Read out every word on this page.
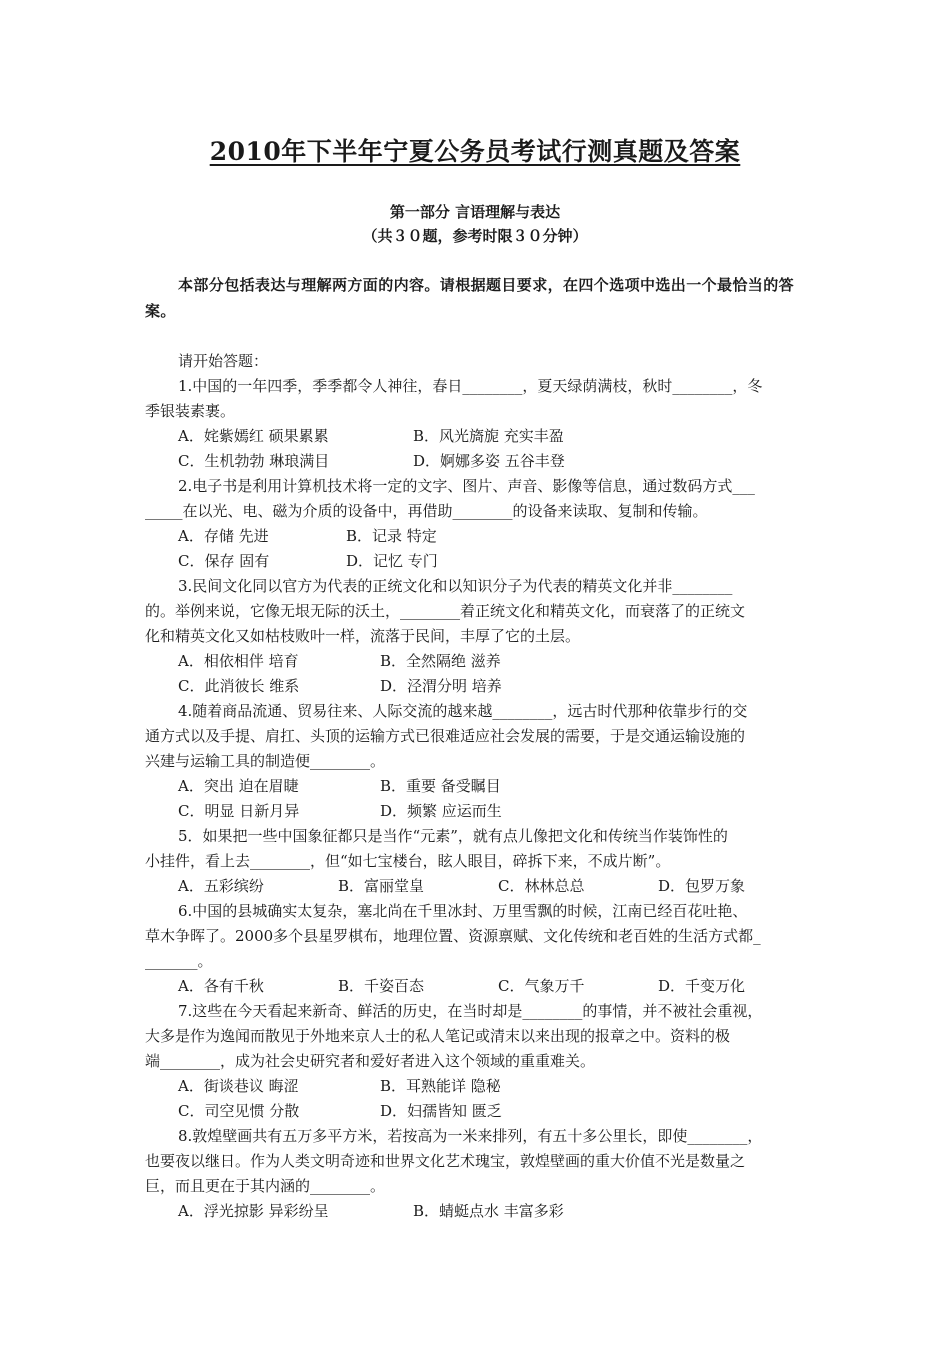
2010年下半年宁夏公务员考试行测真题及答案
第一部分 言语理解与表达
（共３０题，参考时限３０分钟）
本部分包括表达与理解两方面的内容。请根据题目要求，在四个选项中选出一个最恰当的答案。
请开始答题：
1.中国的一年四季，季季都令人神往，春日________，夏天绿荫满枝，秋时________，冬
季银装素裹。
A．姹紫嫣红 硕果累累	B．风光旖旎 充实丰盈
C．生机勃勃 琳琅满目	D．婀娜多姿 五谷丰登
2.电子书是利用计算机技术将一定的文字、图片、声音、影像等信息，通过数码方式___
_____在以光、电、磁为介质的设备中，再借助________的设备来读取、复制和传输。
A．存储 先进	B．记录 特定
C．保存 固有	D．记忆 专门
3.民间文化同以官方为代表的正统文化和以知识分子为代表的精英文化并非________
的。举例来说，它像无垠无际的沃土，________着正统文化和精英文化，而衰落了的正统文
化和精英文化又如枯枝败叶一样，流落于民间，丰厚了它的土层。
A．相依相伴 培育	B．全然隔绝 滋养
C．此消彼长 维系	D．泾渭分明 培养
4.随着商品流通、贸易往来、人际交流的越来越________，远古时代那种依靠步行的交
通方式以及手提、肩扛、头顶的运输方式已很难适应社会发展的需要，于是交通运输设施的
兴建与运输工具的制造便________。
A．突出 迫在眉睫	B．重要 备受瞩目
C．明显 日新月异	D．频繁 应运而生
5．如果把一些中国象征都只是当作“元素”，就有点儿像把文化和传统当作装饰性的
小挂件，看上去________，但“如七宝楼台，眩人眼目，碎拆下来，不成片断”。
A．五彩缤纷	B．富丽堂皇	C．林林总总	D．包罗万象
6.中国的县城确实太复杂，塞北尚在千里冰封、万里雪飘的时候，江南已经百花吐艳、
草木争晖了。2000多个县星罗棋布，地理位置、资源禀赋、文化传统和老百姓的生活方式都_
_______。
A．各有千秋	B．千姿百态	C．气象万千	D．千变万化
7.这些在今天看起来新奇、鲜活的历史，在当时却是________的事情，并不被社会重视，
大多是作为逸闻而散见于外地来京人士的私人笔记或清末以来出现的报章之中。资料的极
端________，成为社会史研究者和爱好者进入这个领域的重重难关。
A．街谈巷议 晦涩	B．耳熟能详 隐秘
C．司空见惯 分散	D．妇孺皆知 匮乏
8.敦煌壁画共有五万多平方米，若按高为一米来排列，有五十多公里长，即使________，
也要夜以继日。作为人类文明奇迹和世界文化艺术瑰宝，敦煌壁画的重大价值不光是数量之
巨，而且更在于其内涵的________。
A．浮光掠影 异彩纷呈	B．蜻蜓点水 丰富多彩
